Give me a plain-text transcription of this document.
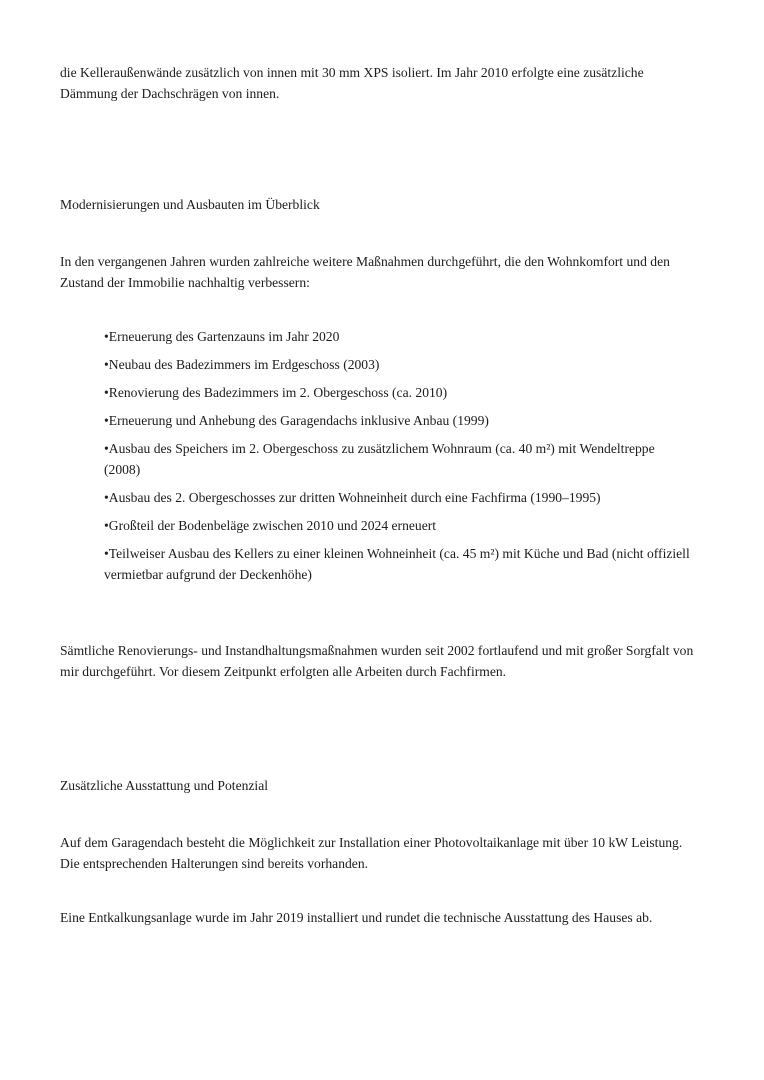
die Kelleraußenwände zusätzlich von innen mit 30 mm XPS isoliert. Im Jahr 2010 erfolgte eine zusätzliche Dämmung der Dachschrägen von innen.

Modernisierungen und Ausbauten im Überblick

In den vergangenen Jahren wurden zahlreiche weitere Maßnahmen durchgeführt, die den Wohnkomfort und den Zustand der Immobilie nachhaltig verbessern:

•Erneuerung des Gartenzauns im Jahr 2020
•Neubau des Badezimmers im Erdgeschoss (2003)
•Renovierung des Badezimmers im 2. Obergeschoss (ca. 2010)
•Erneuerung und Anhebung des Garagendachs inklusive Anbau (1999)
•Ausbau des Speichers im 2. Obergeschoss zu zusätzlichem Wohnraum (ca. 40 m²) mit Wendeltreppe (2008)
•Ausbau des 2. Obergeschosses zur dritten Wohneinheit durch eine Fachfirma (1990–1995)
•Großteil der Bodenbeläge zwischen 2010 und 2024 erneuert
•Teilweiser Ausbau des Kellers zu einer kleinen Wohneinheit (ca. 45 m²) mit Küche und Bad (nicht offiziell vermietbar aufgrund der Deckenhöhe)

Sämtliche Renovierungs- und Instandhaltungsmaßnahmen wurden seit 2002 fortlaufend und mit großer Sorgfalt von mir durchgeführt. Vor diesem Zeitpunkt erfolgten alle Arbeiten durch Fachfirmen.

Zusätzliche Ausstattung und Potenzial

Auf dem Garagendach besteht die Möglichkeit zur Installation einer Photovoltaikanlage mit über 10 kW Leistung. Die entsprechenden Halterungen sind bereits vorhanden.

Eine Entkalkungsanlage wurde im Jahr 2019 installiert und rundet die technische Ausstattung des Hauses ab.
